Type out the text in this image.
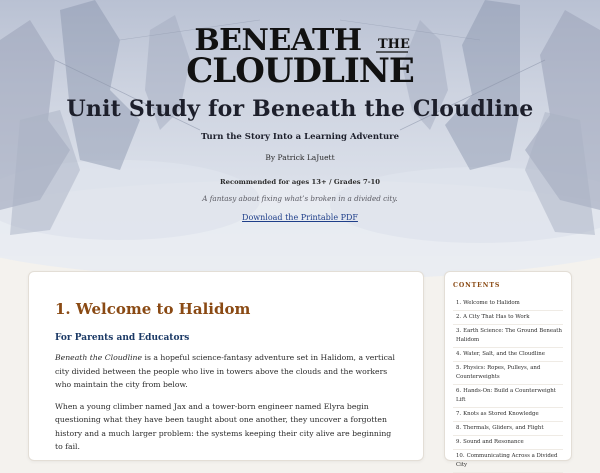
BENEATH THE
CLOUDLINE
Unit Study for Beneath the Cloudline
Turn the Story Into a Learning Adventure
By Patrick LaJuett
Recommended for ages 13+ / Grades 7-10
A fantasy about fixing what’s broken in a divided city.
Download the Printable PDF
1. Welcome to Halidom
For Parents and Educators

Beneath the Cloudline is a hopeful science-fantasy adventure set in Halidom, a vertical city divided between the people who live in towers above the clouds and the workers who maintain the city from below.

When a young climber named Jax and a tower-born engineer named Elyra begin questioning what they have been taught about one another, they uncover a forgotten history and a much larger problem: the systems keeping their city alive are beginning to fail.

CONTENTS
1. Welcome to Halidom
2. A City That Has to Work
3. Earth Science: The Ground Beneath Halidom
4. Water, Salt, and the Cloudline
5. Physics: Ropes, Pulleys, and Counterweights
6. Hands-On: Build a Counterweight Lift
7. Knots as Stored Knowledge
8. Thermals, Gliders, and Flight
9. Sound and Resonance
10. Communicating Across a Divided City
